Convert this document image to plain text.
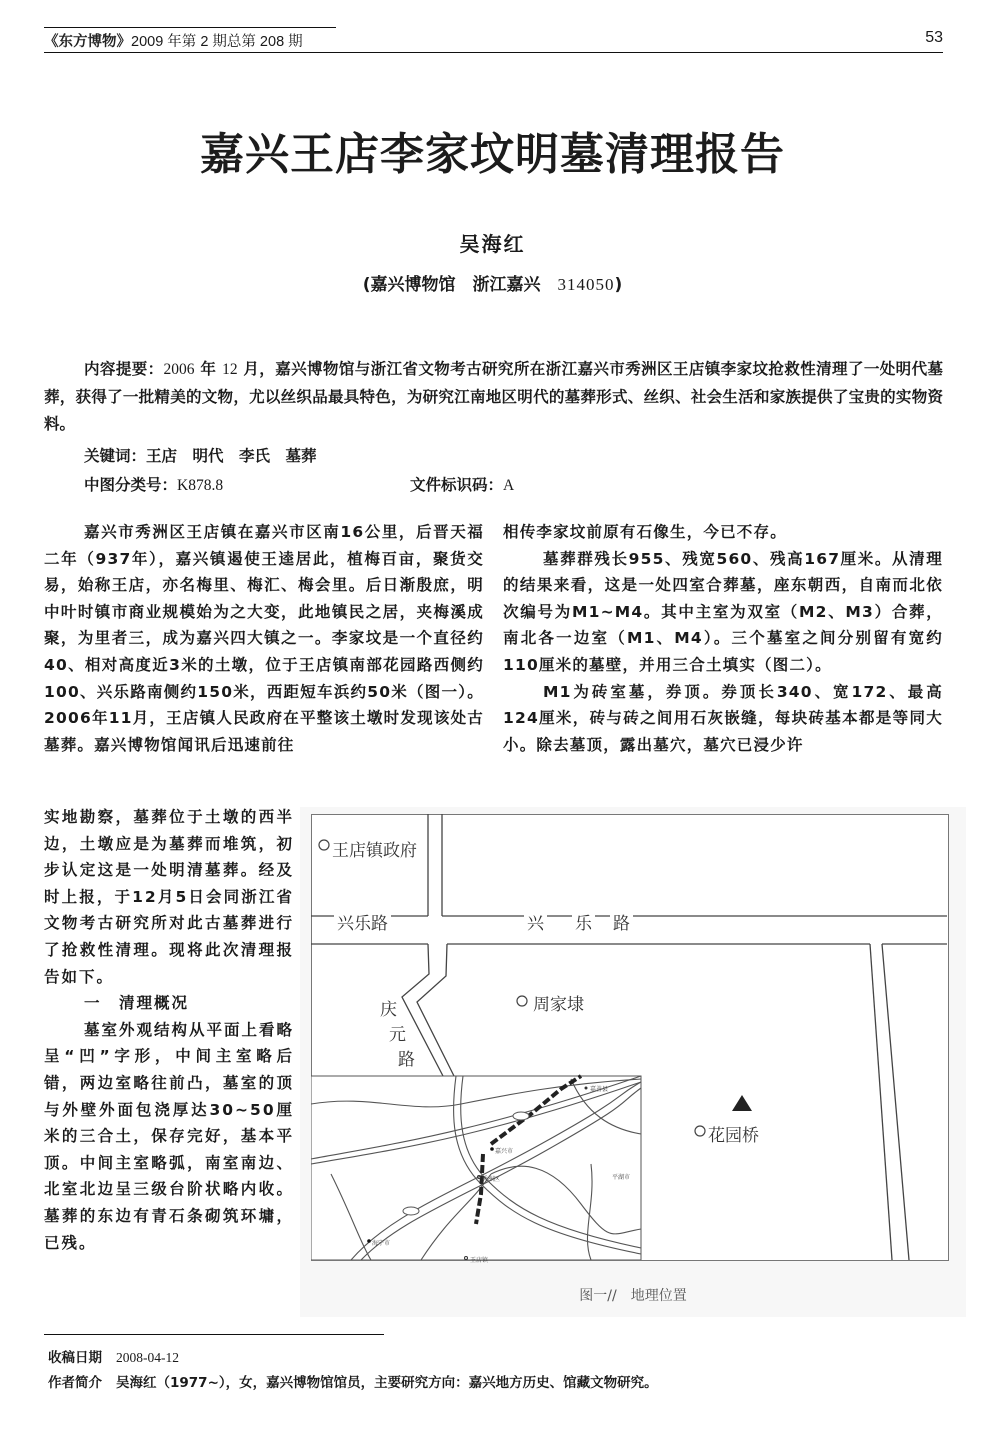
《东方博物》2009 年第 2 期总第 208 期	53
嘉兴王店李家坟明墓清理报告
吴海红
(嘉兴博物馆　浙江嘉兴　314050)
内容提要：2006 年 12 月，嘉兴博物馆与浙江省文物考古研究所在浙江嘉兴市秀洲区王店镇李家坟抢救性清理了一处明代墓葬，获得了一批精美的文物，尤以丝织品最具特色，为研究江南地区明代的墓葬形式、丝织、社会生活和家族提供了宝贵的实物资料。
关键词：王店　明代　李氏　墓葬
中图分类号：K878.8	文件标识码：A

嘉兴市秀洲区王店镇在嘉兴市区南16公里，后晋天福二年（937年），嘉兴镇遏使王逵居此，植梅百亩，聚货交易，始称王店，亦名梅里、梅汇、梅会里。后日渐殷庶，明中叶时镇市商业规模始为之大变，此地镇民之居，夹梅溪成聚，为里者三，成为嘉兴四大镇之一。李家坟是一个直径约40、相对高度近3米的土墩，位于王店镇南部花园路西侧约100、兴乐路南侧约150米，西距短车浜约50米（图一）。2006年11月，王店镇人民政府在平整该土墩时发现该处古墓葬。嘉兴博物馆闻讯后迅速前往

相传李家坟前原有石像生，今已不存。

墓葬群残长955、残宽560、残高167厘米。从清理的结果来看，这是一处四室合葬墓，座东朝西，自南而北依次编号为M1~M4。其中主室为双室（M2、M3）合葬，南北各一边室（M1、M4）。三个墓室之间分别留有宽约110厘米的墓壁，并用三合土填实（图二）。

M1为砖室墓，券顶。券顶长340、宽172、最高124厘米，砖与砖之间用石灰嵌缝，每块砖基本都是等同大小。除去墓顶，露出墓穴，墓穴已浸少许

实地勘察，墓葬位于土墩的西半边，土墩应是为墓葬而堆筑，初步认定这是一处明清墓葬。经及时上报，于12月5日会同浙江省文物考古研究所对此古墓葬进行了抢救性清理。现将此次清理报告如下。

一　清理概况

墓室外观结构从平面上看略呈“凹”字形，中间主室略后错，两边室略往前凸，墓室的顶与外壁外面包浇厚达30~50厘米的三合土，保存完好，基本平顶。中间主室略弧，南室南边、北室北边呈三级台阶状略内收。墓葬的东边有青石条砌筑环墉，已残。

王店镇政府
兴乐路	兴 乐 路
周家埭
庆
元
路
花园桥
嘉善县
嘉兴市
秀洲区	平湖市
海宁市
王店镇
图一//　地理位置
收稿日期 2008-04-12
作者简介 吴海红（1977~），女，嘉兴博物馆馆员，主要研究方向：嘉兴地方历史、馆藏文物研究。
